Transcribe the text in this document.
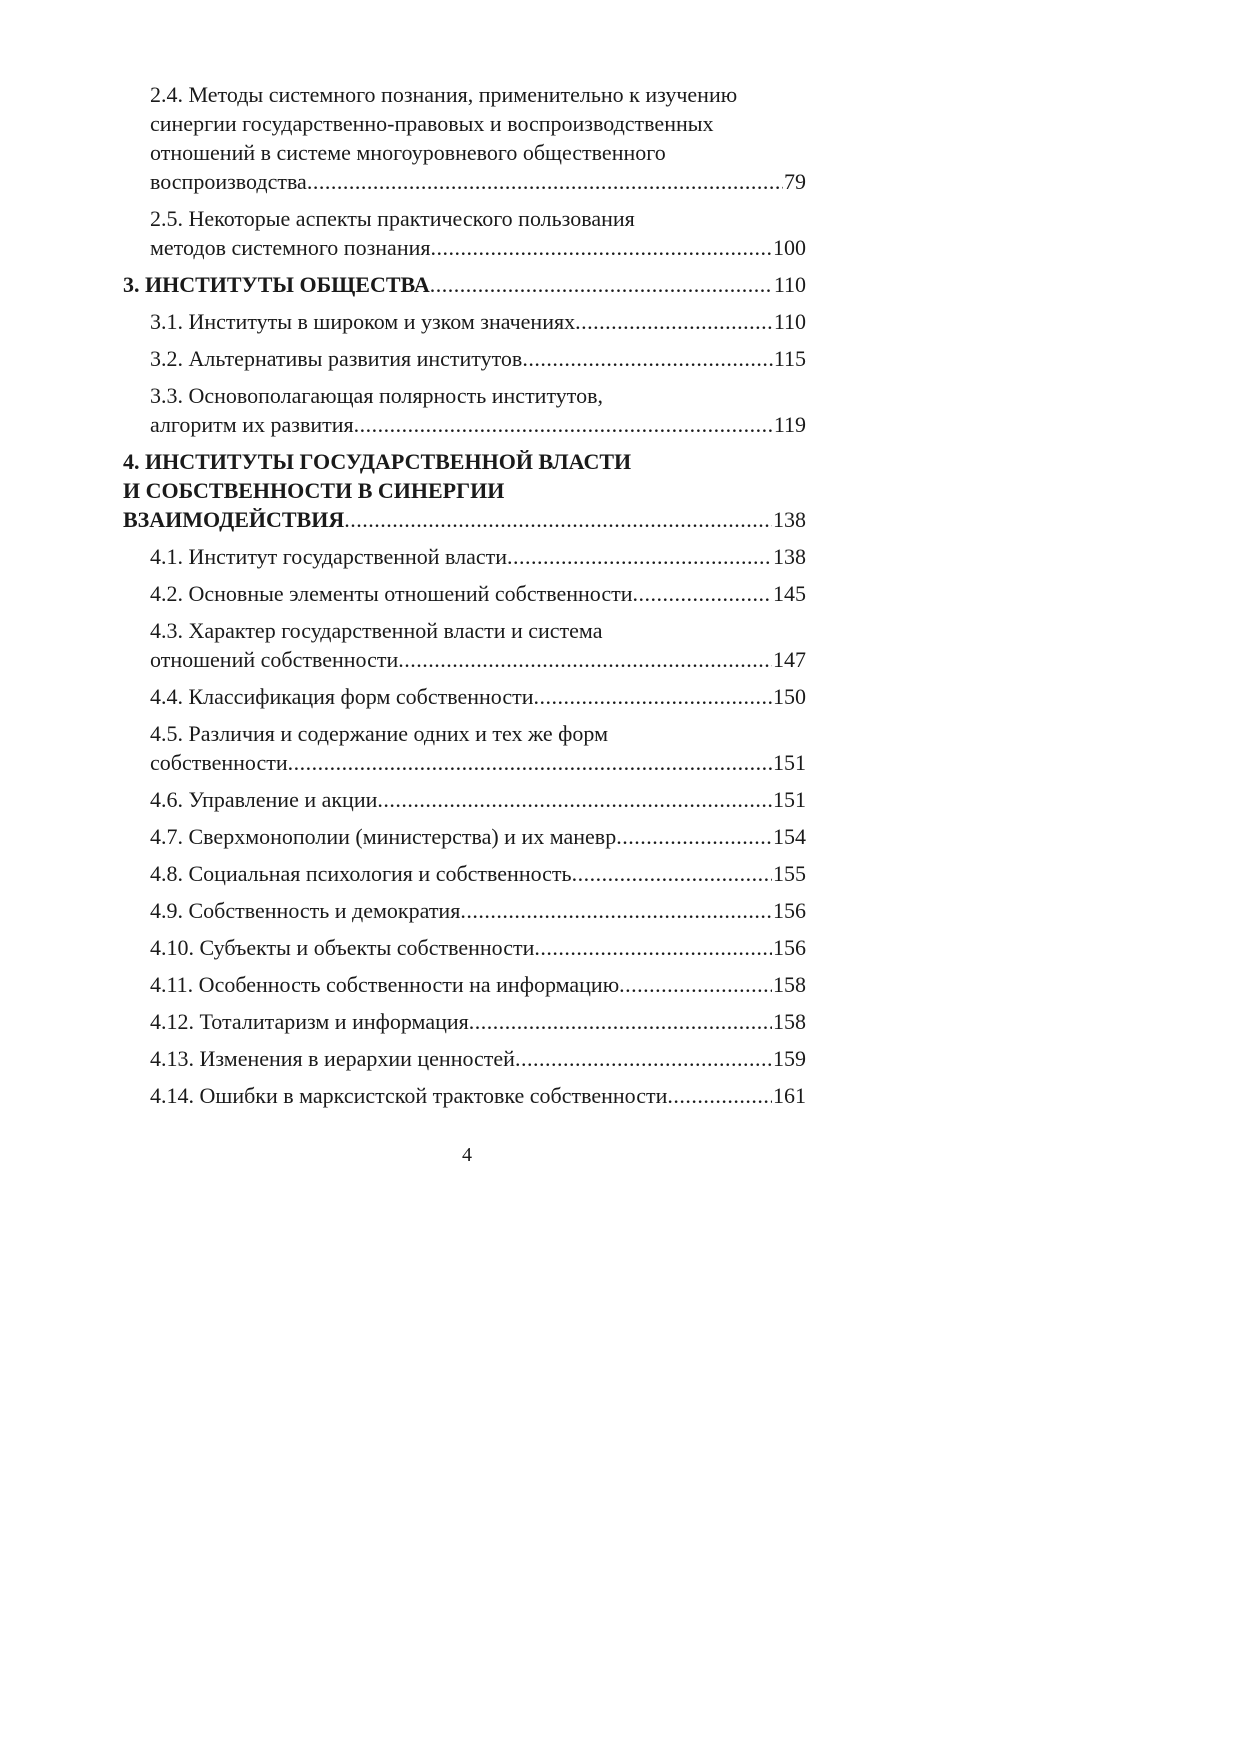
2.4. Методы системного познания, применительно к изучению
синергии государственно-правовых и воспроизводственных
отношений в системе многоуровневого общественного
воспроизводства .....	79
2.5. Некоторые аспекты практического пользования
методов системного познания .....	100
3. ИНСТИТУТЫ ОБЩЕСТВА .....	110
3.1. Институты в широком и узком значениях .....	110
3.2. Альтернативы развития институтов .....	115
3.3. Основополагающая полярность институтов,
алгоритм их развития .....	119
4. ИНСТИТУТЫ ГОСУДАРСТВЕННОЙ ВЛАСТИ
И СОБСТВЕННОСТИ В СИНЕРГИИ
ВЗАИМОДЕЙСТВИЯ .....	138
4.1. Институт государственной власти .....	138
4.2. Основные элементы отношений собственности .....	145
4.3. Характер государственной власти и система
отношений собственности .....	147
4.4. Классификация форм собственности .....	150
4.5. Различия и содержание одних и тех же форм
собственности .....	151
4.6. Управление и акции .....	151
4.7. Сверхмонополии (министерства) и их маневр .....	154
4.8. Социальная психология и собственность .....	155
4.9. Собственность и демократия .....	156
4.10. Субъекты и объекты собственности .....	156
4.11. Особенность собственности на информацию .....	158
4.12. Тоталитаризм и информация .....	158
4.13. Изменения в иерархии ценностей .....	159
4.14. Ошибки в марксистской трактовке собственности .....	161
4
